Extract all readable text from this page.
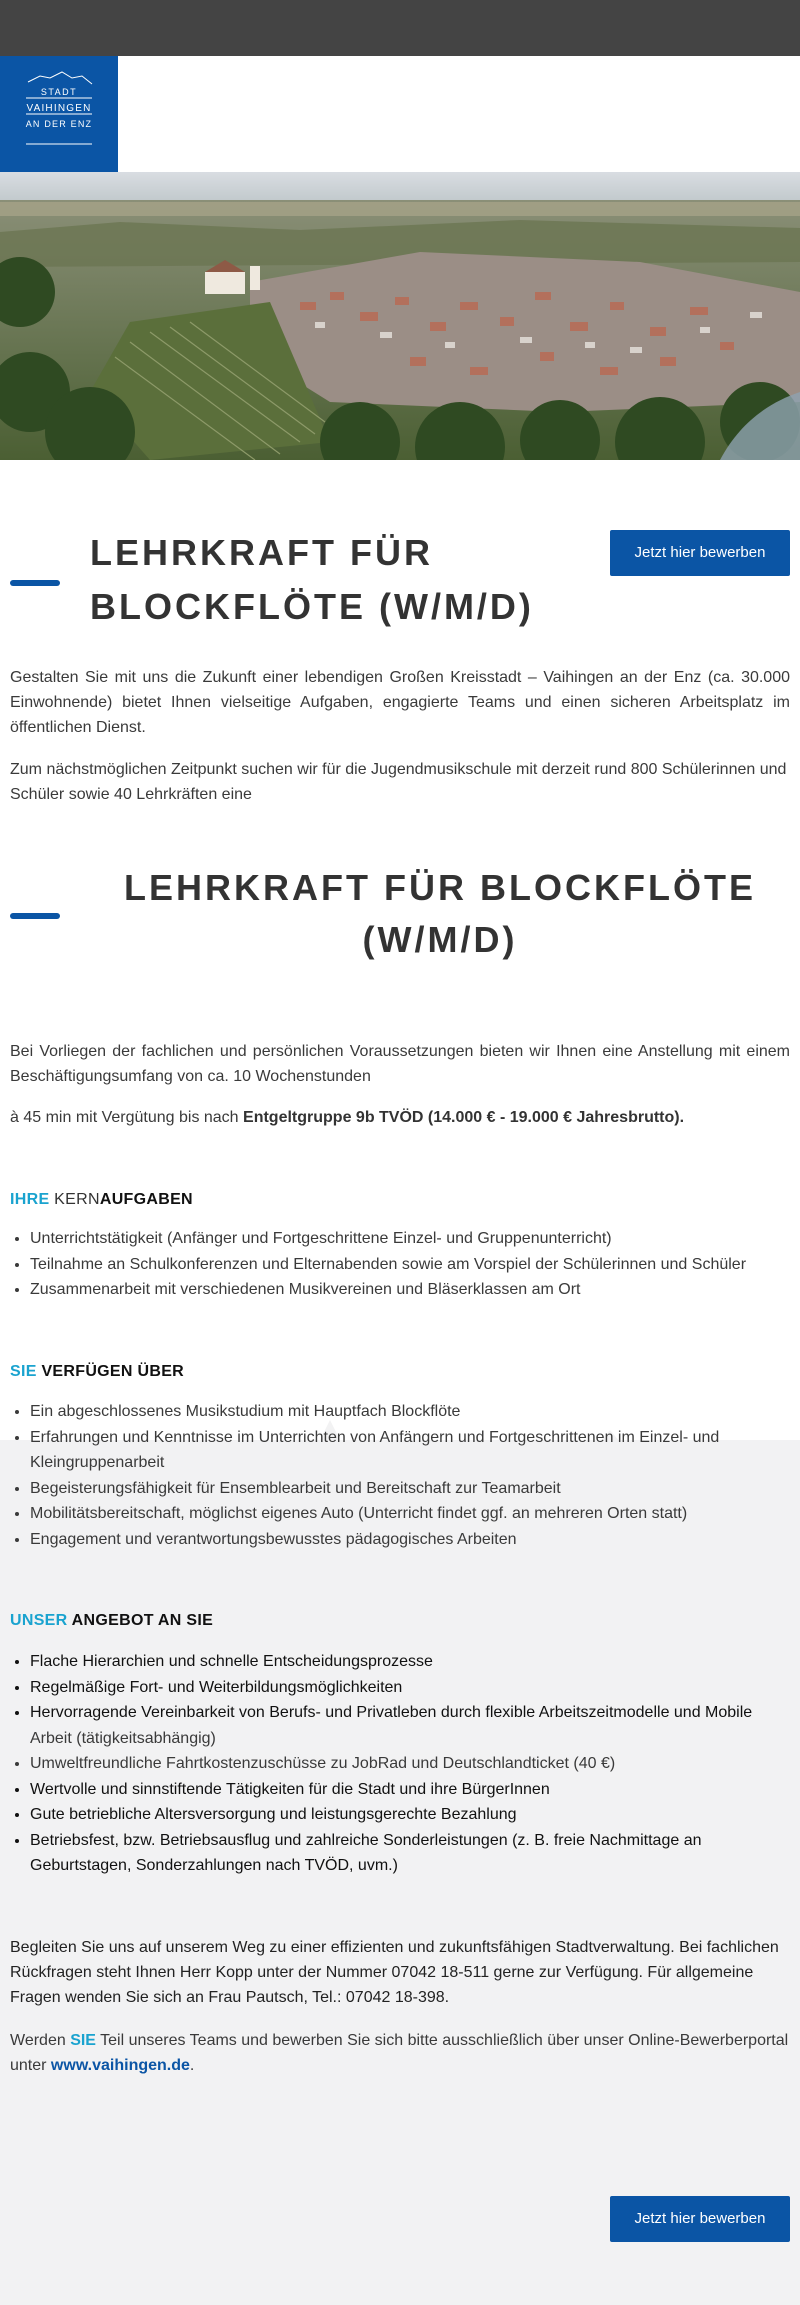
STADT
VAIHINGEN
AN DER ENZ
LEHRKRAFT FÜR BLOCKFLÖTE (W/M/D)
Jetzt hier bewerben

Gestalten Sie mit uns die Zukunft einer lebendigen Großen Kreisstadt – Vaihingen an der Enz (ca. 30.000 Einwohnende) bietet Ihnen vielseitige Aufgaben, engagierte Teams und einen sicheren Arbeitsplatz im öffentlichen Dienst.

Zum nächstmöglichen Zeitpunkt suchen wir für die Jugendmusikschule mit derzeit rund 800 Schülerinnen und Schüler sowie 40 Lehrkräften eine

LEHRKRAFT FÜR BLOCKFLÖTE (W/M/D)

Bei Vorliegen der fachlichen und persönlichen Voraussetzungen bieten wir Ihnen eine Anstellung mit einem Beschäftigungsumfang von ca. 10 Wochenstunden

à 45 min mit Vergütung bis nach Entgeltgruppe 9b TVÖD (14.000 € - 19.000 € Jahresbrutto).

IHRE KERNAUFGABEN
• Unterrichtstätigkeit (Anfänger und Fortgeschrittene Einzel- und Gruppenunterricht)
• Teilnahme an Schulkonferenzen und Elternabenden sowie am Vorspiel der Schülerinnen und Schüler
• Zusammenarbeit mit verschiedenen Musikvereinen und Bläserklassen am Ort
SIE VERFÜGEN ÜBER
• Ein abgeschlossenes Musikstudium mit Hauptfach Blockflöte
• Erfahrungen und Kenntnisse im Unterrichten von Anfängern und Fortgeschrittenen im Einzel- und Kleingruppenarbeit
• Begeisterungsfähigkeit für Ensemblearbeit und Bereitschaft zur Teamarbeit
• Mobilitätsbereitschaft, möglichst eigenes Auto (Unterricht findet ggf. an mehreren Orten statt)
• Engagement und verantwortungsbewusstes pädagogisches Arbeiten
UNSER ANGEBOT AN SIE
• Flache Hierarchien und schnelle Entscheidungsprozesse
• Regelmäßige Fort- und Weiterbildungsmöglichkeiten
• Hervorragende Vereinbarkeit von Berufs- und Privatleben durch flexible Arbeitszeitmodelle und Mobile
Arbeit (tätigkeitsabhängig)
• Umweltfreundliche Fahrtkostenzuschüsse zu JobRad und Deutschlandticket (40 €)
• Wertvolle und sinnstiftende Tätigkeiten für die Stadt und ihre BürgerInnen
• Gute betriebliche Altersversorgung und leistungsgerechte Bezahlung
• Betriebsfest, bzw. Betriebsausflug und zahlreiche Sonderleistungen (z. B. freie Nachmittage an Geburtstagen, Sonderzahlungen nach TVÖD, uvm.)

Begleiten Sie uns auf unserem Weg zu einer effizienten und zukunftsfähigen Stadtverwaltung. Bei fachlichen Rückfragen steht Ihnen Herr Kopp unter der Nummer 07042 18-511 gerne zur Verfügung. Für allgemeine Fragen wenden Sie sich an Frau Pautsch, Tel.: 07042 18-398.

Werden SIE Teil unseres Teams und bewerben Sie sich bitte ausschließlich über unser Online-Bewerberportal unter www.vaihingen.de.

Jetzt hier bewerben
